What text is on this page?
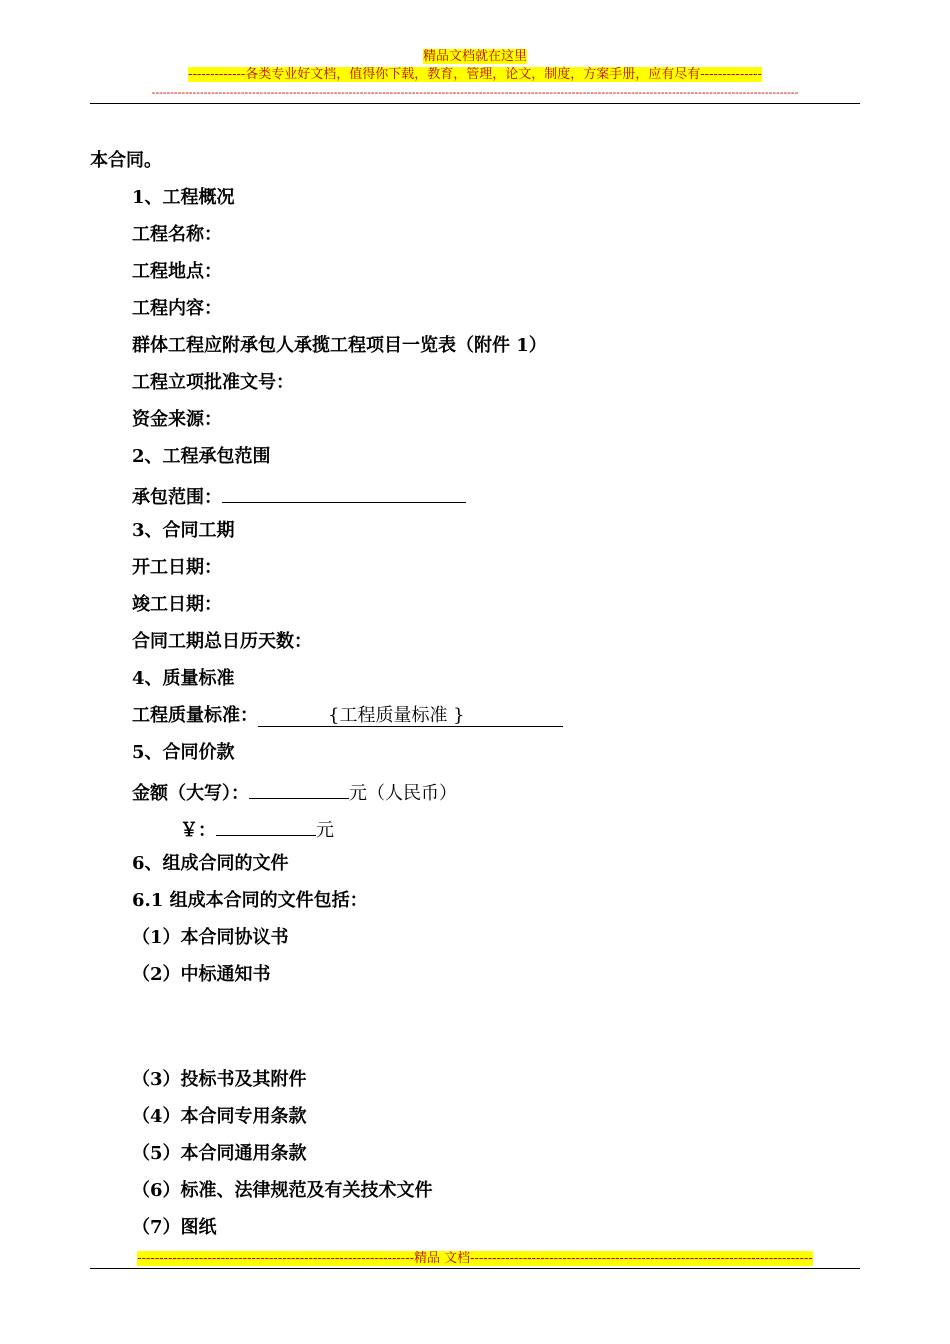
精品文档就在这里
-------------各类专业好文档，值得你下载，教育，管理，论文，制度，方案手册，应有尽有--------------
------------------------------------------------------------------------------------------------------------------------------------------------------------------------------
本合同。
1、工程概况
工程名称：
工程地点：
工程内容：
群体工程应附承包人承揽工程项目一览表（附件 1）
工程立项批准文号：
资金来源：
2、工程承包范围
承包范围：
3、合同工期
开工日期：
竣工日期：
合同工期总日历天数：
4、质量标准
工程质量标准：	{工程质量标准 }
5、合同价款
金额（大写）：	元（人民币）
￥：	元
6、组成合同的文件
6.1 组成本合同的文件包括：
（1）本合同协议书
（2）中标通知书
（3）投标书及其附件
（4）本合同专用条款
（5）本合同通用条款
（6）标准、法律规范及有关技术文件
（7）图纸
---------------------------------------------------------------精品 文档------------------------------------------------------------------------------
